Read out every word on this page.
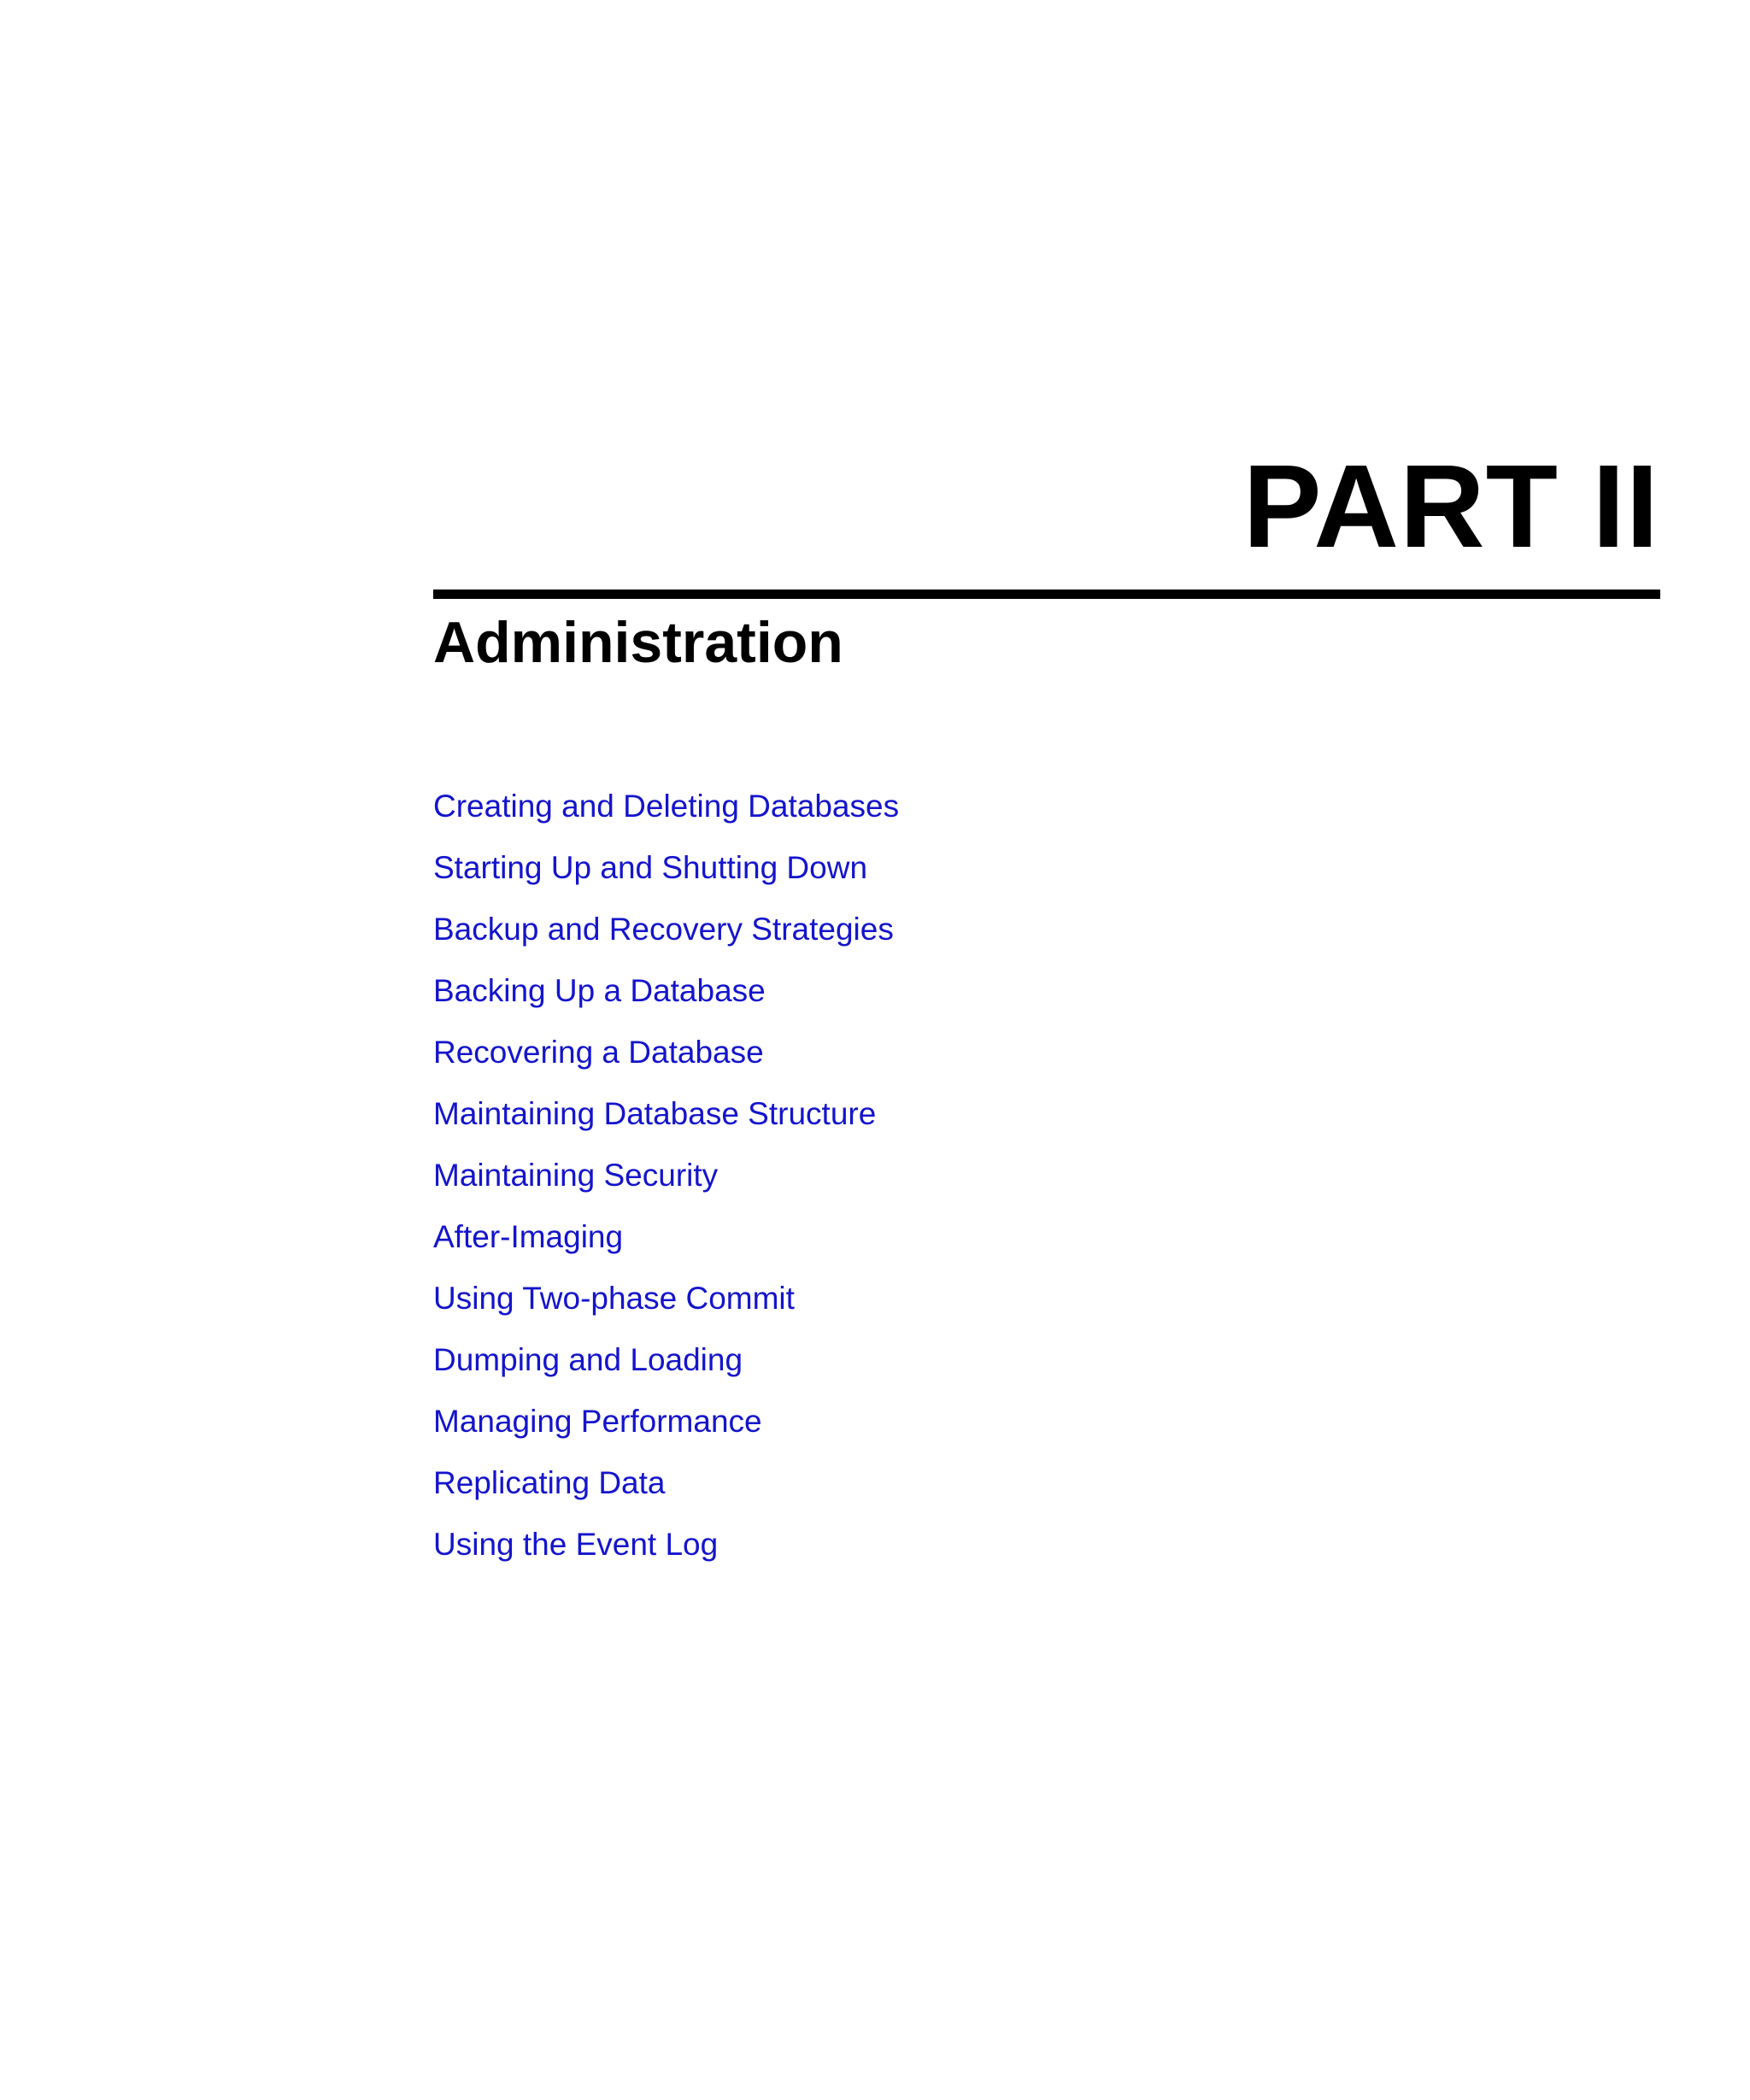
PART II
Administration
Creating and Deleting Databases
Starting Up and Shutting Down
Backup and Recovery Strategies
Backing Up a Database
Recovering a Database
Maintaining Database Structure
Maintaining Security
After-Imaging
Using Two-phase Commit
Dumping and Loading
Managing Performance
Replicating Data
Using the Event Log
